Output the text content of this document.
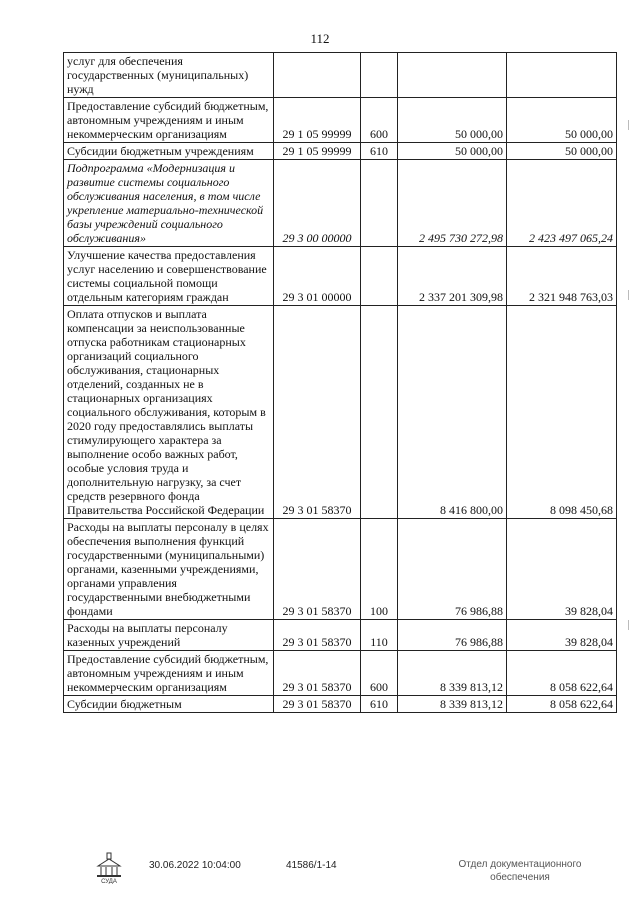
112
услуг для обеспечения государственных (муниципальных) нужд				
Предоставление субсидий бюджетным, автономным учреждениям и иным некоммерческим организациям	29 1 05 99999	600	50 000,00	50 000,00
Субсидии бюджетным учреждениям	29 1 05 99999	610	50 000,00	50 000,00
Подпрограмма «Модернизация и развитие системы социального обслуживания населения, в том числе укрепление материально-технической базы учреждений социального обслуживания»	29 3 00 00000		2 495 730 272,98	2 423 497 065,24
Улучшение качества предоставления услуг населению и совершенствование системы социальной помощи отдельным категориям граждан	29 3 01 00000		2 337 201 309,98	2 321 948 763,03
Оплата отпусков и выплата компенсации за неиспользованные отпуска работникам стационарных организаций социального обслуживания, стационарных отделений, созданных не в стационарных организациях социального обслуживания, которым в 2020 году предоставлялись выплаты стимулирующего характера за выполнение особо важных работ, особые условия труда и дополнительную нагрузку, за счет средств резервного фонда Правительства Российской Федерации	29 3 01 58370		8 416 800,00	8 098 450,68
Расходы на выплаты персоналу в целях обеспечения выполнения функций государственными (муниципальными) органами, казенными учреждениями, органами управления государственными внебюджетными фондами	29 3 01 58370	100	76 986,88	39 828,04
Расходы на выплаты персоналу казенных учреждений	29 3 01 58370	110	76 986,88	39 828,04
Предоставление субсидий бюджетным, автономным учреждениям и иным некоммерческим организациям	29 3 01 58370	600	8 339 813,12	8 058 622,64
Субсидии бюджетным	29 3 01 58370	610	8 339 813,12	8 058 622,64
СУДА
30.06.2022 10:04:00	41586/1-14	Отдел документационного
обеспечения
